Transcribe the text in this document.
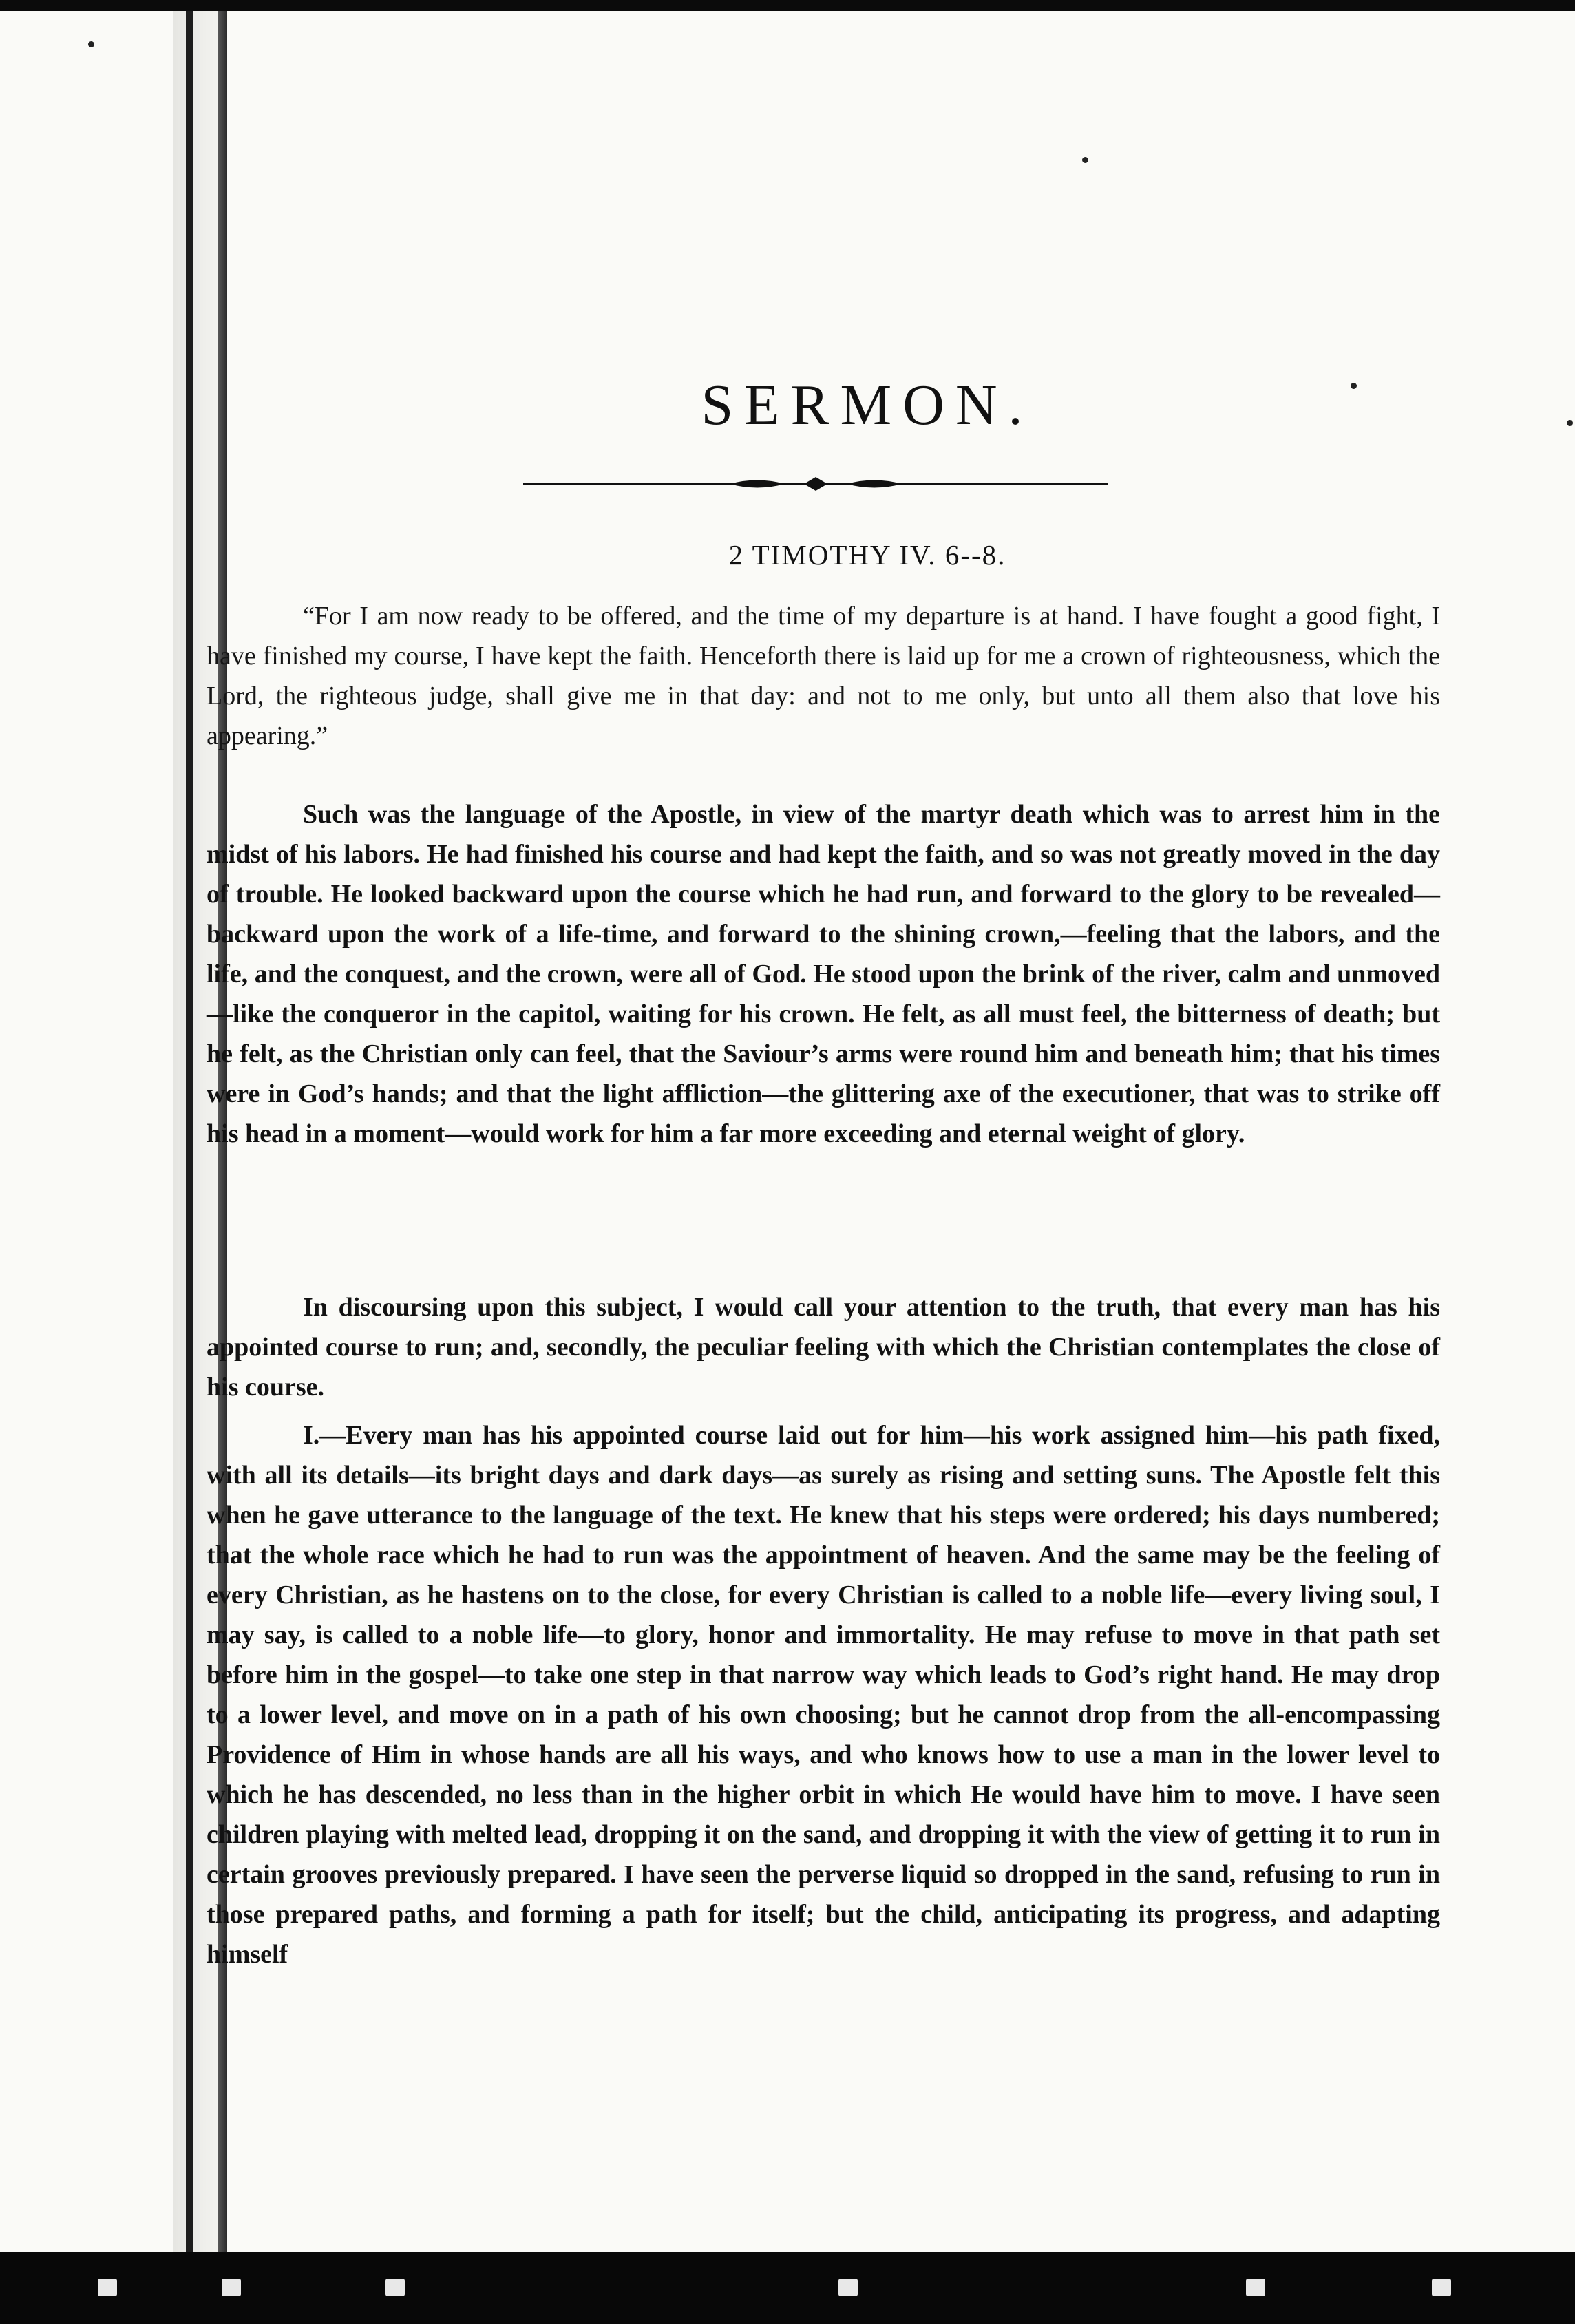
SERMON.
2 TIMOTHY IV. 6--8.
“For I am now ready to be offered, and the time of my departure is at hand. I have fought a good fight, I have finished my course, I have kept the faith. Henceforth there is laid up for me a crown of righteousness, which the Lord, the righteous judge, shall give me in that day: and not to me only, but unto all them also that love his appearing.”
Such was the language of the Apostle, in view of the martyr death which was to arrest him in the midst of his labors. He had finished his course and had kept the faith, and so was not greatly moved in the day of trouble. He looked backward upon the course which he had run, and forward to the glory to be revealed—backward upon the work of a life-time, and forward to the shining crown,—feeling that the labors, and the life, and the conquest, and the crown, were all of God. He stood upon the brink of the river, calm and unmoved—like the conqueror in the capitol, waiting for his crown. He felt, as all must feel, the bitterness of death; but he felt, as the Christian only can feel, that the Saviour’s arms were round him and beneath him; that his times were in God’s hands; and that the light affliction—the glittering axe of the executioner, that was to strike off his head in a moment—would work for him a far more exceeding and eternal weight of glory.
In discoursing upon this subject, I would call your attention to the truth, that every man has his appointed course to run; and, secondly, the peculiar feeling with which the Christian contemplates the close of his course.
I.—Every man has his appointed course laid out for him—his work assigned him—his path fixed, with all its details—its bright days and dark days—as surely as rising and setting suns. The Apostle felt this when he gave utterance to the language of the text. He knew that his steps were ordered; his days numbered; that the whole race which he had to run was the appointment of heaven. And the same may be the feeling of every Christian, as he hastens on to the close, for every Christian is called to a noble life—every living soul, I may say, is called to a noble life—to glory, honor and immortality. He may refuse to move in that path set before him in the gospel—to take one step in that narrow way which leads to God’s right hand. He may drop to a lower level, and move on in a path of his own choosing; but he cannot drop from the all-encompassing Providence of Him in whose hands are all his ways, and who knows how to use a man in the lower level to which he has descended, no less than in the higher orbit in which He would have him to move. I have seen children playing with melted lead, dropping it on the sand, and dropping it with the view of getting it to run in certain grooves previously prepared. I have seen the perverse liquid so dropped in the sand, refusing to run in those prepared paths, and forming a path for itself; but the child, anticipating its progress, and adapting himself
